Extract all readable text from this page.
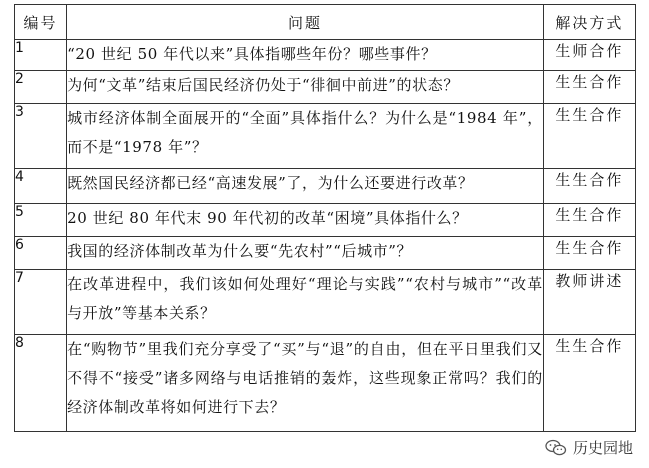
编号	问题	解决方式
1	“20 世纪 50 年代以来”具体指哪些年份？哪些事件？	生师合作
2	为何“文革”结束后国民经济仍处于“徘徊中前进”的状态？	生生合作
3	城市经济体制全面展开的“全面”具体指什么？为什么是“1984 年”，而不是“1978 年”？	生生合作
4	既然国民经济都已经“高速发展”了，为什么还要进行改革？	生生合作
5	20 世纪 80 年代末 90 年代初的改革“困境”具体指什么？	生生合作
6	我国的经济体制改革为什么要“先农村”“后城市”？	生生合作
7	在改革进程中，我们该如何处理好“理论与实践”“农村与城市”“改革与开放”等基本关系？	教师讲述
8	在“购物节”里我们充分享受了“买”与“退”的自由，但在平日里我们又不得不“接受”诸多网络与电话推销的轰炸，这些现象正常吗？我们的经济体制改革将如何进行下去？	生生合作
历史园地
